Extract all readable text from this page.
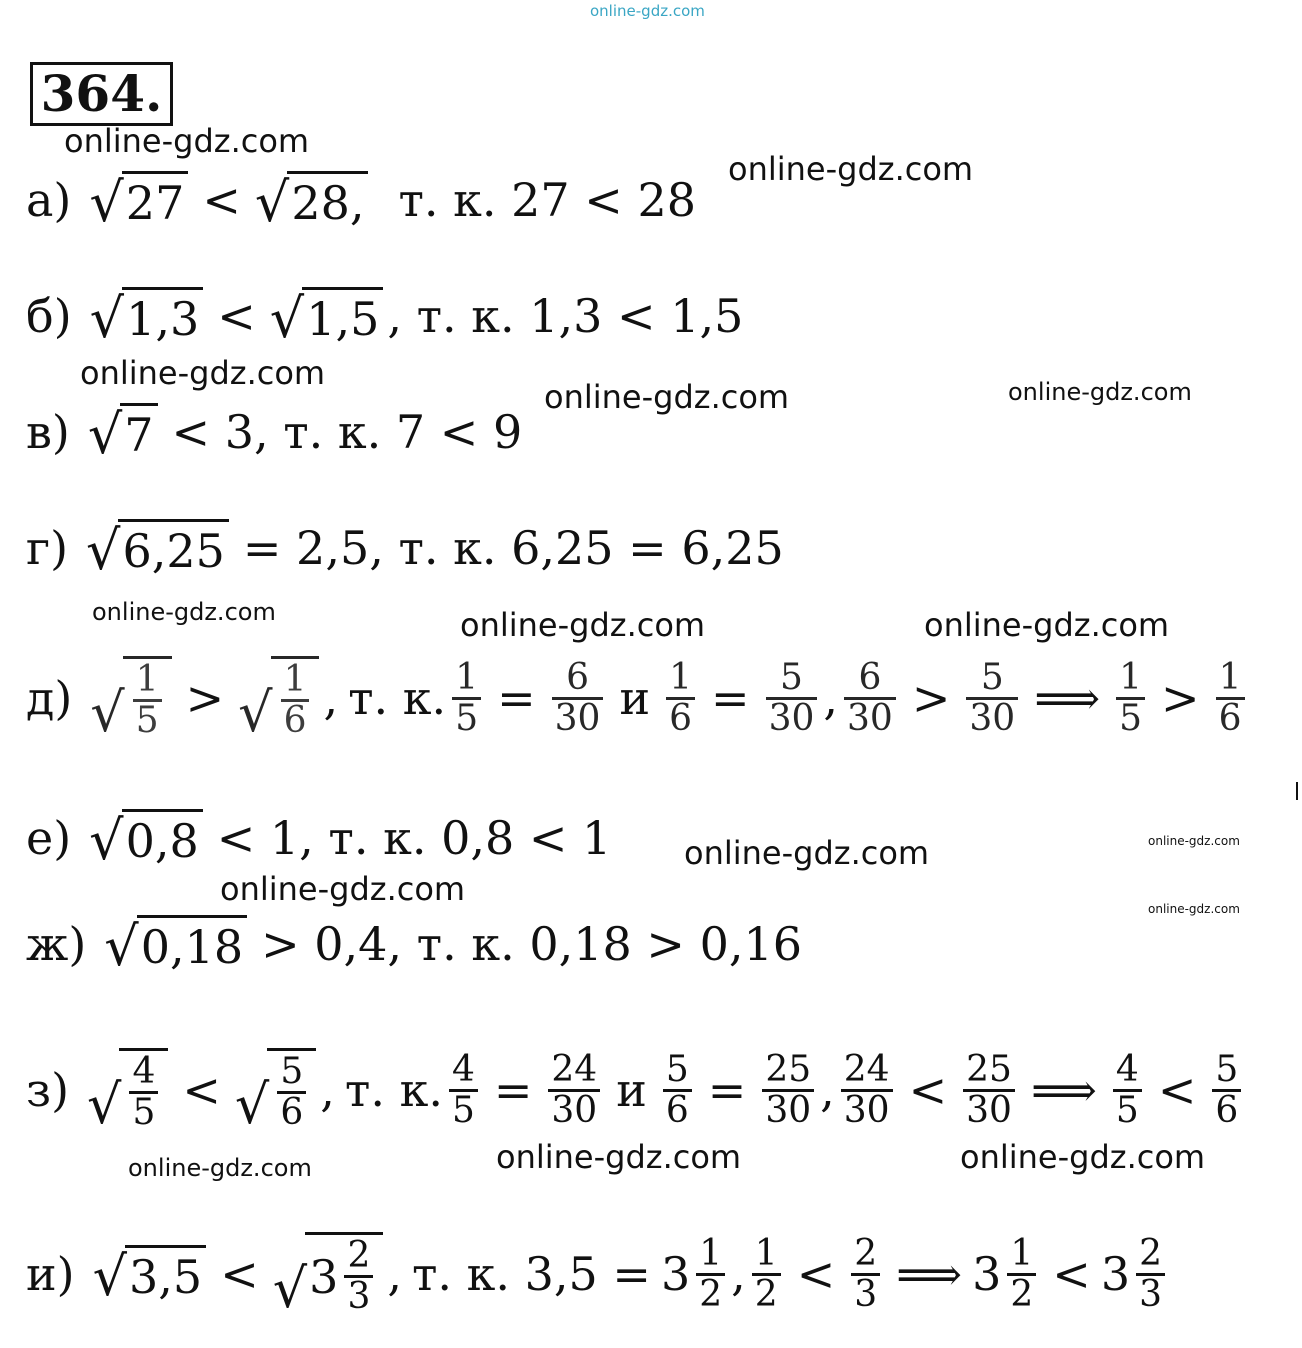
online-gdz.com
online-gdz.com
online-gdz.com
online-gdz.com
online-gdz.com	online-gdz.com
online-gdz.com	online-gdz.com	online-gdz.com
online-gdz.com	online-gdz.com
online-gdz.com
online-gdz.com
online-gdz.com	online-gdz.com	online-gdz.com
364.
а) √ 27 < √ 28, т. к. 27 < 28
б) √ 1,3 < √ 1,5 , т. к. 1,3 < 1,5
в) √ 7 < 3, т. к. 7 < 9
г) √ 6,25 = 2,5, т. к. 6,25 = 6,25
д) √ $\frac{1}{5}$ > √ $\frac{1}{6}$ , т. к. $\frac{1}{5} = \frac{6}{30}$ и $\frac{1}{6} = \frac{5}{30}$ , $\frac{6}{30} > \frac{5}{30}$ ⟹ $\frac{1}{5} > \frac{1}{6}$
е) √ 0,8 < 1, т. к. 0,8 < 1
ж) √ 0,18 > 0,4, т. к. 0,18 > 0,16
з) √ $\frac{4}{5}$ < √ $\frac{5}{6}$ , т. к. $\frac{4}{5} = \frac{24}{30}$ и $\frac{5}{6} = \frac{25}{30}$ , $\frac{24}{30} < \frac{25}{30}$ ⟹ $\frac{4}{5} < \frac{5}{6}$
и) √ 3,5 < √ $3 \frac{2}{3}$ , т. к. $3,5 = 3 \frac{1}{2}$ , $\frac{1}{2} < \frac{2}{3}$ ⟹ $3 \frac{1}{2} < 3 \frac{2}{3}$
